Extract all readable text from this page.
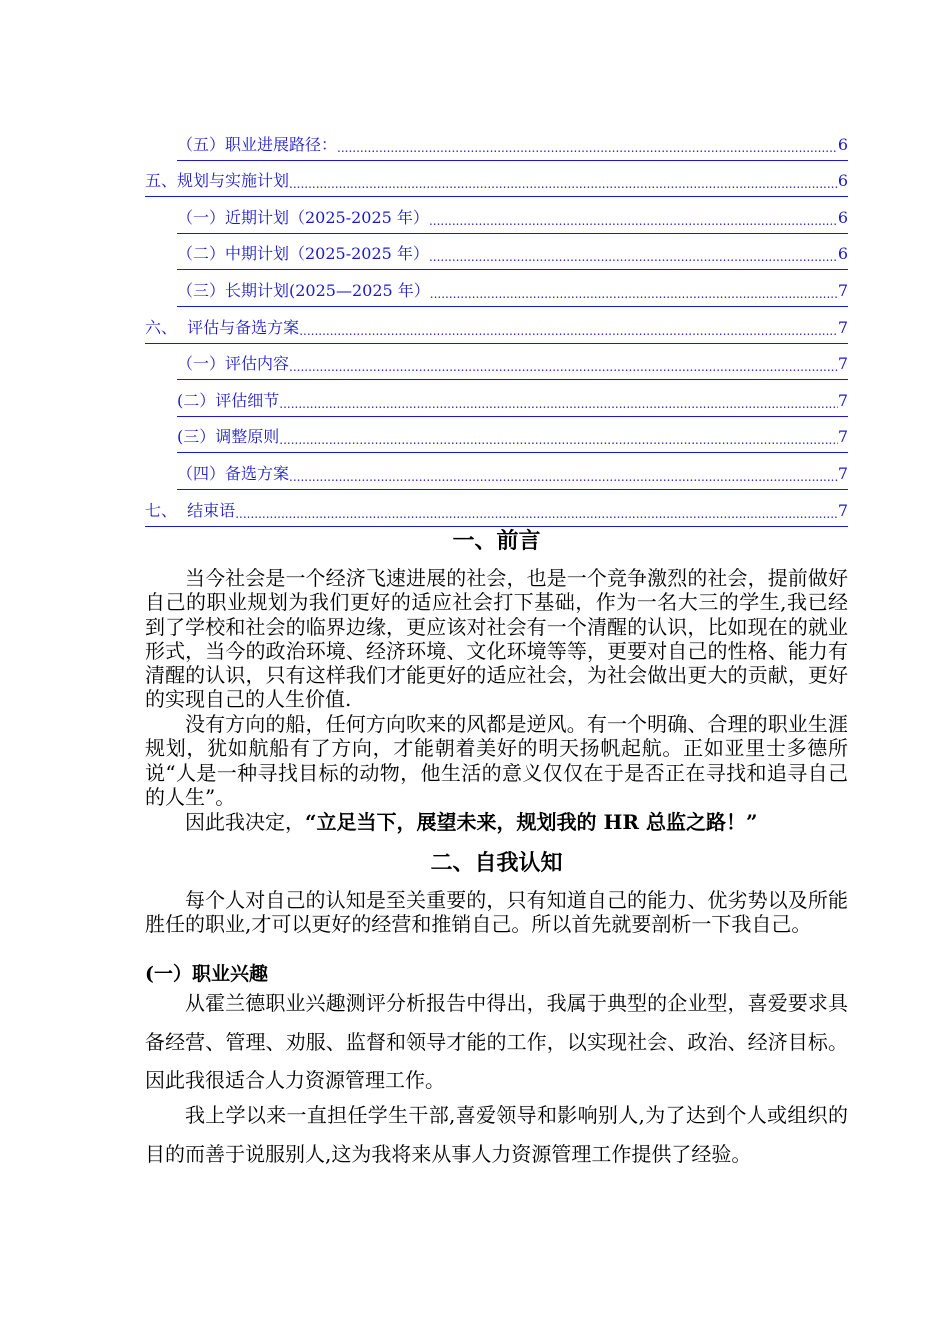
（五）职业进展路径： .....	6
五、规划与实施计划 .....	6
（一）近期计划（2025-2025 年） .....	6
（二）中期计划（2025-2025 年） .....	6
（三）长期计划(2025—2025 年） .....	7
六、  评估与备选方案 .....	7
（一）评估内容 .....	7
(二）评估细节 .....	7
(三）调整原则 .....	7
（四）备选方案 .....	7
七、  结束语 .....	7
一、前言

当今社会是一个经济飞速进展的社会，也是一个竞争激烈的社会，提前做好自己的职业规划为我们更好的适应社会打下基础，作为一名大三的学生,我已经到了学校和社会的临界边缘，更应该对社会有一个清醒的认识，比如现在的就业形式，当今的政治环境、经济环境、文化环境等等，更要对自己的性格、能力有清醒的认识，只有这样我们才能更好的适应社会，为社会做出更大的贡献，更好的实现自己的人生价值.

没有方向的船，任何方向吹来的风都是逆风。有一个明确、合理的职业生涯规划，犹如航船有了方向，才能朝着美好的明天扬帆起航。正如亚里士多德所说“人是一种寻找目标的动物，他生活的意义仅仅在于是否正在寻找和追寻自己的人生”。

因此我决定，“立足当下，展望未来，规划我的 HR 总监之路！”

二、自我认知

每个人对自己的认知是至关重要的，只有知道自己的能力、优劣势以及所能胜任的职业,才可以更好的经营和推销自己。所以首先就要剖析一下我自己。

(一）职业兴趣

从霍兰德职业兴趣测评分析报告中得出，我属于典型的企业型，喜爱要求具备经营、管理、劝服、监督和领导才能的工作，以实现社会、政治、经济目标。因此我很适合人力资源管理工作。

我上学以来一直担任学生干部,喜爱领导和影响别人,为了达到个人或组织的目的而善于说服别人,这为我将来从事人力资源管理工作提供了经验。
